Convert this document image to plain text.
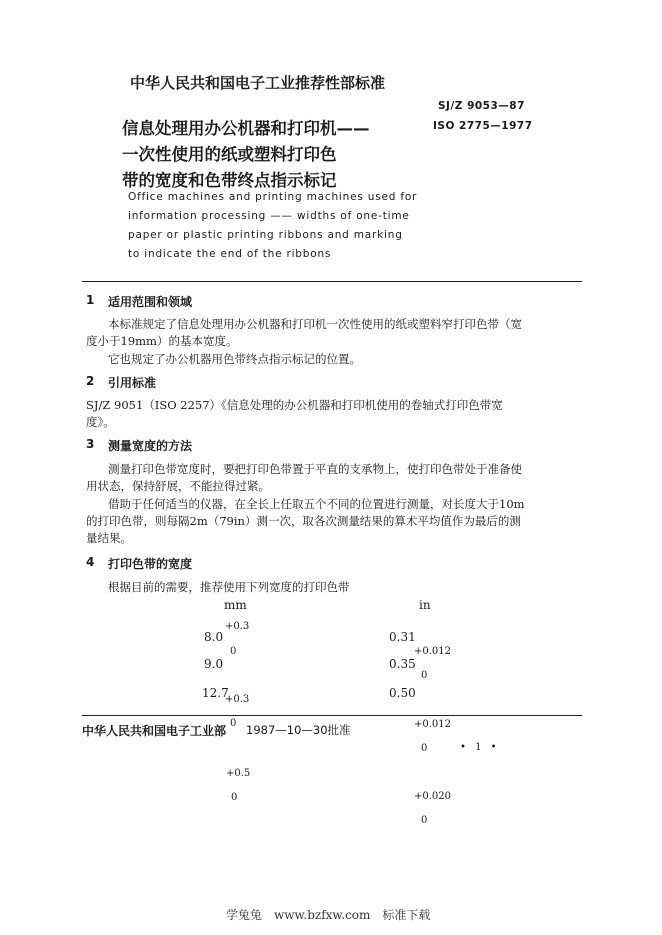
中华人民共和国电子工业推荐性部标准
信息处理用办公机器和打印机——
一次性使用的纸或塑料打印色
带的宽度和色带终点指示标记
SJ/Z 9053—87
ISO 2775—1977
Office machines and printing machines used for
information processing —— widths of one-time
paper or plastic printing ribbons and marking
to indicate the end of the ribbons
1 适用范围和领域
本标准规定了信息处理用办公机器和打印机一次性使用的纸或塑料窄打印色带（宽
度小于19mm）的基本宽度。
它也规定了办公机器用色带终点指示标记的位置。
2 引用标准
SJ/Z 9051（ISO 2257）《信息处理的办公机器和打印机使用的卷轴式打印色带宽
度》。
3 测量宽度的方法
测量打印色带宽度时，要把打印色带置于平直的支承物上，使打印色带处于准备使
用状态，保持舒展，不能拉得过紧。
借助于任何适当的仪器，在全长上任取五个不同的位置进行测量，对长度大于10m
的打印色带，则每隔2m（79in）测一次，取各次测量结果的算术平均值作为最后的测
量结果。
4 打印色带的宽度
根据目前的需要，推荐使用下列宽度的打印色带
mm	in
8.0
+0.3
0
0.31
+0.012
0
9.0
+0.3
0
0.35
+0.012
0
12.7
+0.5
0
0.50
+0.020
0
中华人民共和国电子工业部 1987—10—30批准
• 1 •
学兔兔　www.bzfxw.com　标准下载
